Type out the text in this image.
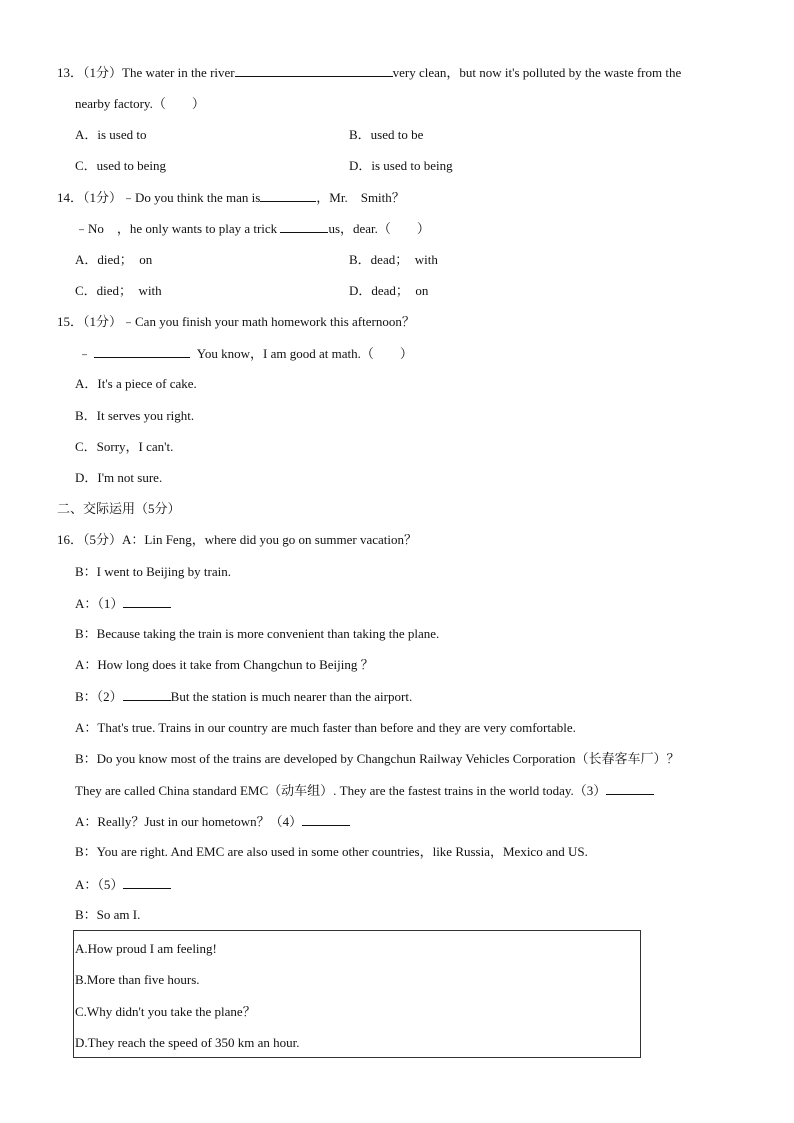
13．（1分）The water in the river	very clean，but now it's polluted by the waste from the
nearby factory.（　　）
A．is used to	B．used to be
C．used to being	D．is used to being
14．（1分）﹣Do you think the man is	，Mr.　Smith？
﹣No　，he only wants to play a trick	us，dear.（　　）
A．died；　on	B．dead；　with
C．died；　with	D．dead；　on
15．（1分）﹣Can you finish your math homework this afternoon？
﹣	You know，I am good at math.（　　）
A．It's a piece of cake.
B．It serves you right.
C．Sorry，I can't.
D．I'm not sure.
二、交际运用（5分）
16．（5分）A：Lin Feng，where did you go on summer vacation？
B：I went to Beijing by train.
A：（1）
B：Because taking the train is more convenient than taking the plane.
A：How long does it take from Changchun to Beijing ？
B：（2）	But the station is much nearer than the airport.
A：That's true. Trains in our country are much faster than before and they are very comfortable.
B：Do you know most of the trains are developed by Changchun Railway Vehicles Corporation（长春客车厂）？
They are called China standard EMC（动车组）. They are the fastest trains in the world today.（3）
A：Really？Just in our hometown？（4）
B：You are right. And EMC are also used in some other countries，like Russia，Mexico and US.
A：（5）
B：So am I.
A.How proud I am feeling!
B.More than five hours.
C.Why didn't you take the plane？
D.They reach the speed of 350 km an hour.
